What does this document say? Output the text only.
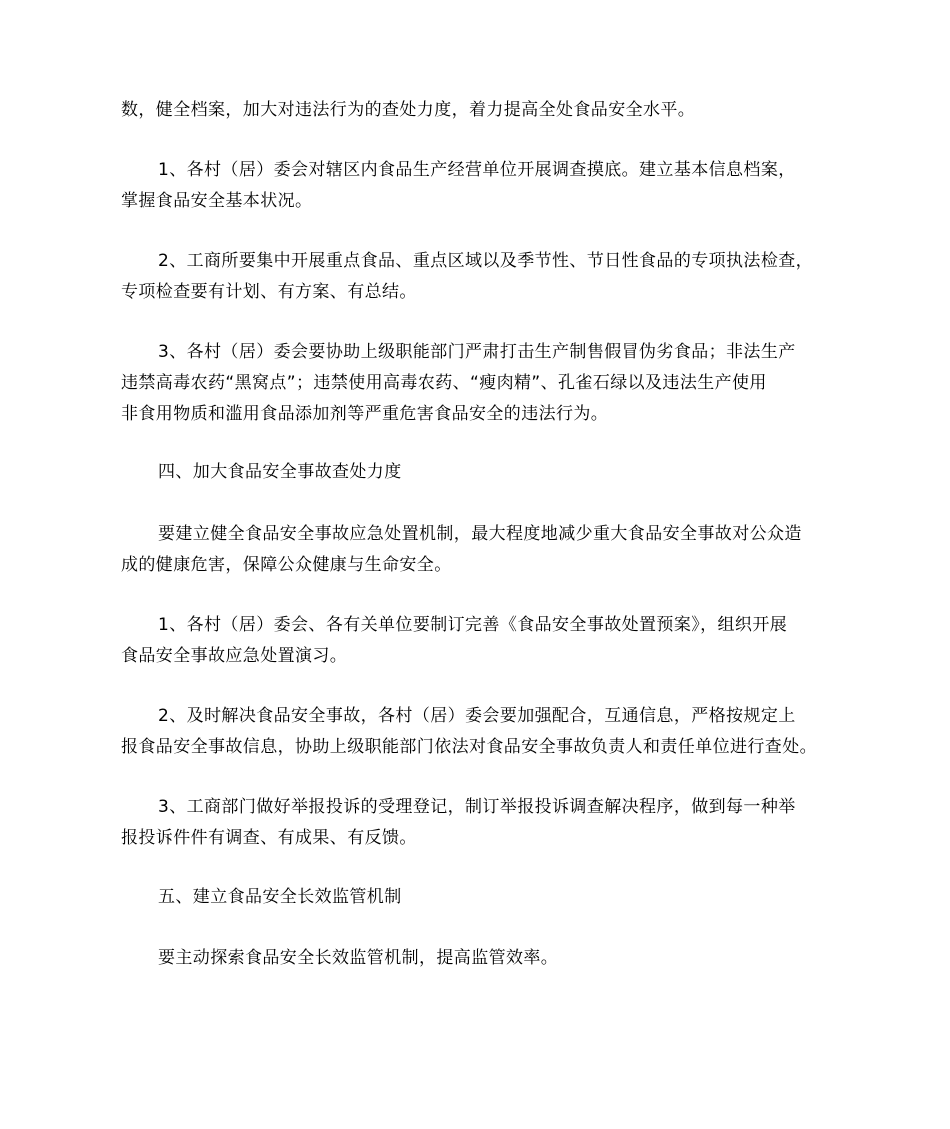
数，健全档案，加大对违法行为的查处力度，着力提高全处食品安全水平。
1、各村（居）委会对辖区内食品生产经营单位开展调查摸底。建立基本信息档案，
掌握食品安全基本状况。
2、工商所要集中开展重点食品、重点区域以及季节性、节日性食品的专项执法检查，
专项检查要有计划、有方案、有总结。
3、各村（居）委会要协助上级职能部门严肃打击生产制售假冒伪劣食品；非法生产
违禁高毒农药“黑窝点”；违禁使用高毒农药、“瘦肉精”、孔雀石绿以及违法生产使用
非食用物质和滥用食品添加剂等严重危害食品安全的违法行为。
四、加大食品安全事故查处力度
要建立健全食品安全事故应急处置机制，最大程度地减少重大食品安全事故对公众造
成的健康危害，保障公众健康与生命安全。
1、各村（居）委会、各有关单位要制订完善《食品安全事故处置预案》，组织开展
食品安全事故应急处置演习。
2、及时解决食品安全事故，各村（居）委会要加强配合，互通信息，严格按规定上
报食品安全事故信息，协助上级职能部门依法对食品安全事故负责人和责任单位进行查处。
3、工商部门做好举报投诉的受理登记，制订举报投诉调查解决程序，做到每一种举
报投诉件件有调查、有成果、有反馈。
五、建立食品安全长效监管机制
要主动探索食品安全长效监管机制，提高监管效率。
